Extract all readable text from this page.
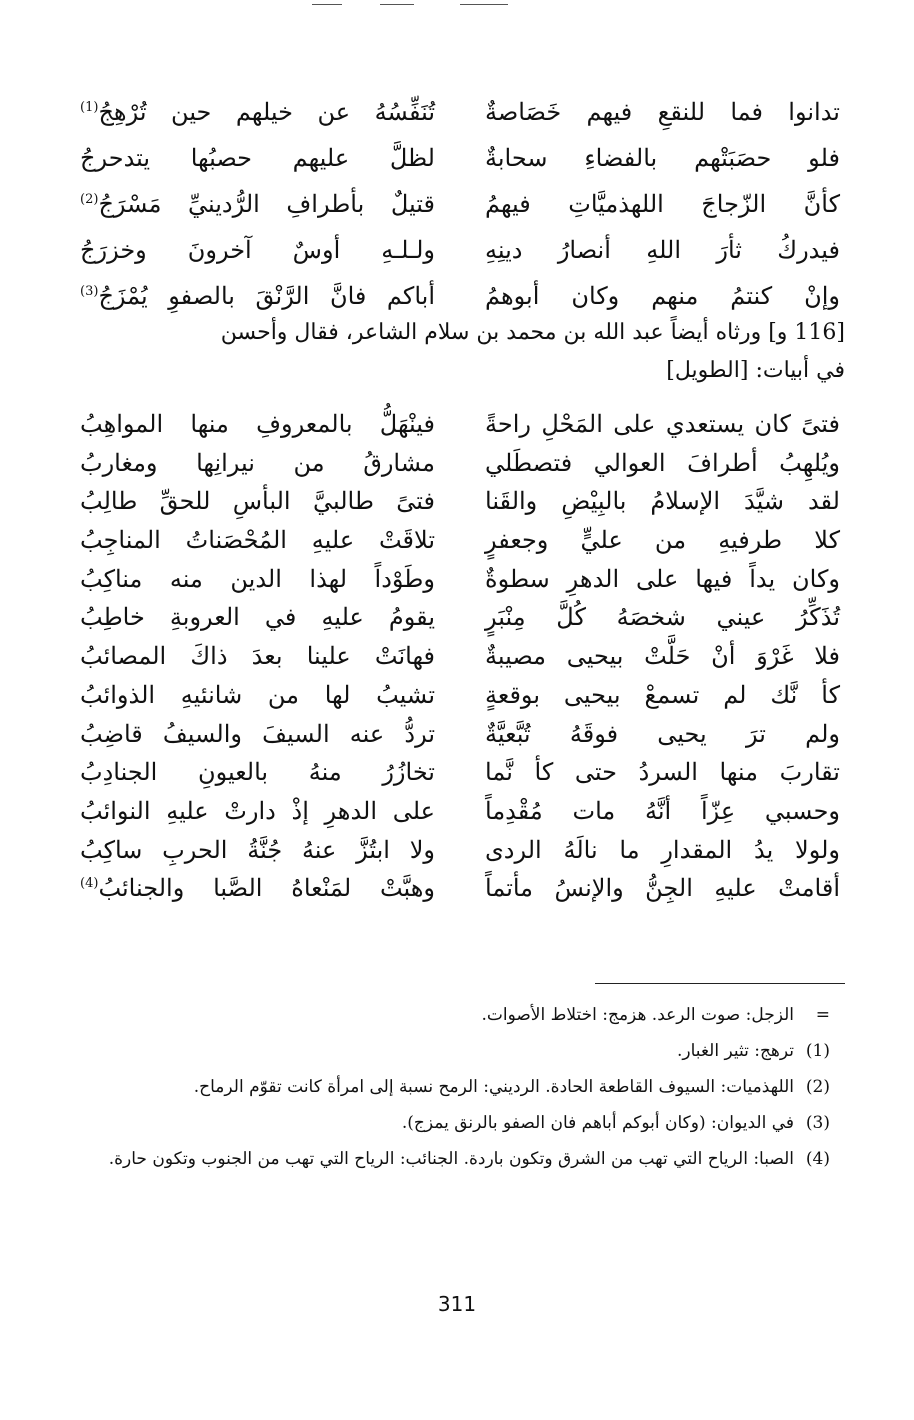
تدانوا فما للنقعِ فيهم خَصَاصةٌ
تُنَفِّسُهُ عن خيلهم حين تُرْهِجُ$^{(1)}$
فلو حصَبَتْهم بالفضاءِ سحابةٌ
لظلَّ عليهم حصبُها يتدحرجُ
كأنَّ الزّجاجَ اللهذميَّاتِ فيهمُ
قتيلٌ بأطرافِ الرُّدينيِّ مَسْرَجُ$^{(2)}$
فيدركُ ثأرَ اللهِ أنصارُ دينِهِ
ولـلـهِ أوسٌ آخرونَ وخزرَجُ
وإنْ كنتمُ منهم وكان أبوهمُ
أباكم فانَّ الرَّنْقَ بالصفوِ يُمْزَجُ$^{(3)}$
[116 و] ورثاه أيضاً عبد الله بن محمد بن سلام الشاعر، فقال وأحسن
في أبيات: [الطويل]
فتىً كان يستعدي على المَحْلِ راحةً
فينْهَلُّ بالمعروفِ منها المواهِبُ
ويُلهِبُ أطرافَ العوالي فتصطَلي
مشارقُ من نيرانِها ومغاربُ
لقد شيَّدَ الإسلامُ بالبِيْضِ والقَنا
فتىً طالبيَّ البأسِ للحقِّ طالِبُ
كلا طرفيهِ من عليٍّ وجعفرٍ
تلاقَتْ عليهِ المُحْصَناتُ المناجِبُ
وكان يداً فيها على الدهرِ سطوةٌ
وطَوْداً لهذا الدين منه مناكِبُ
تُذَكِّرُ عيني شخصَهُ كُلَّ مِنْبَرٍ
يقومُ عليهِ في العروبةِ خاطِبُ
فلا غَرْوَ أنْ حَلَّتْ بيحيى مصيبةٌ
فهانَتْ علينا بعدَ ذاكَ المصائبُ
كأ نَّك لم تسمعْ بيحيى بوقعةٍ
تشيبُ لها من شانئيهِ الذوائبُ
ولم ترَ يحيى فوقَهُ تُبَّعيَّةٌ
تردُّ عنه السيفَ والسيفُ قاضِبُ
تقاربَ منها السردُ حتى كأ نَّما
تخازُرُ منهُ بالعيونِ الجنادِبُ
وحسبي عِزّاً أنَّهُ مات مُقْدِماً
على الدهرِ إذْ دارتْ عليهِ النوائبُ
ولولا يدُ المقدارِ ما نالَهُ الردى
ولا ابتُزَّ عنهُ جُنَّةُ الحربِ ساكِبُ
أقامتْ عليهِ الجِنُّ والإنسُ مأتماً
وهبَّتْ لمَنْعاهُ الصَّبا والجنائبُ$^{(4)}$
=
الزجل: صوت الرعد. هزمج: اختلاط الأصوات.
(1)
ترهج: تثير الغبار.
(2)
اللهذميات: السيوف القاطعة الحادة. الرديني: الرمح نسبة إلى امرأة كانت تقوّم الرماح.
(3)
في الديوان: (وكان أبوكم أباهم فان الصفو بالرنق يمزج).
(4)
الصبا: الرياح التي تهب من الشرق وتكون باردة. الجنائب: الرياح التي تهب من الجنوب وتكون حارة.
311
